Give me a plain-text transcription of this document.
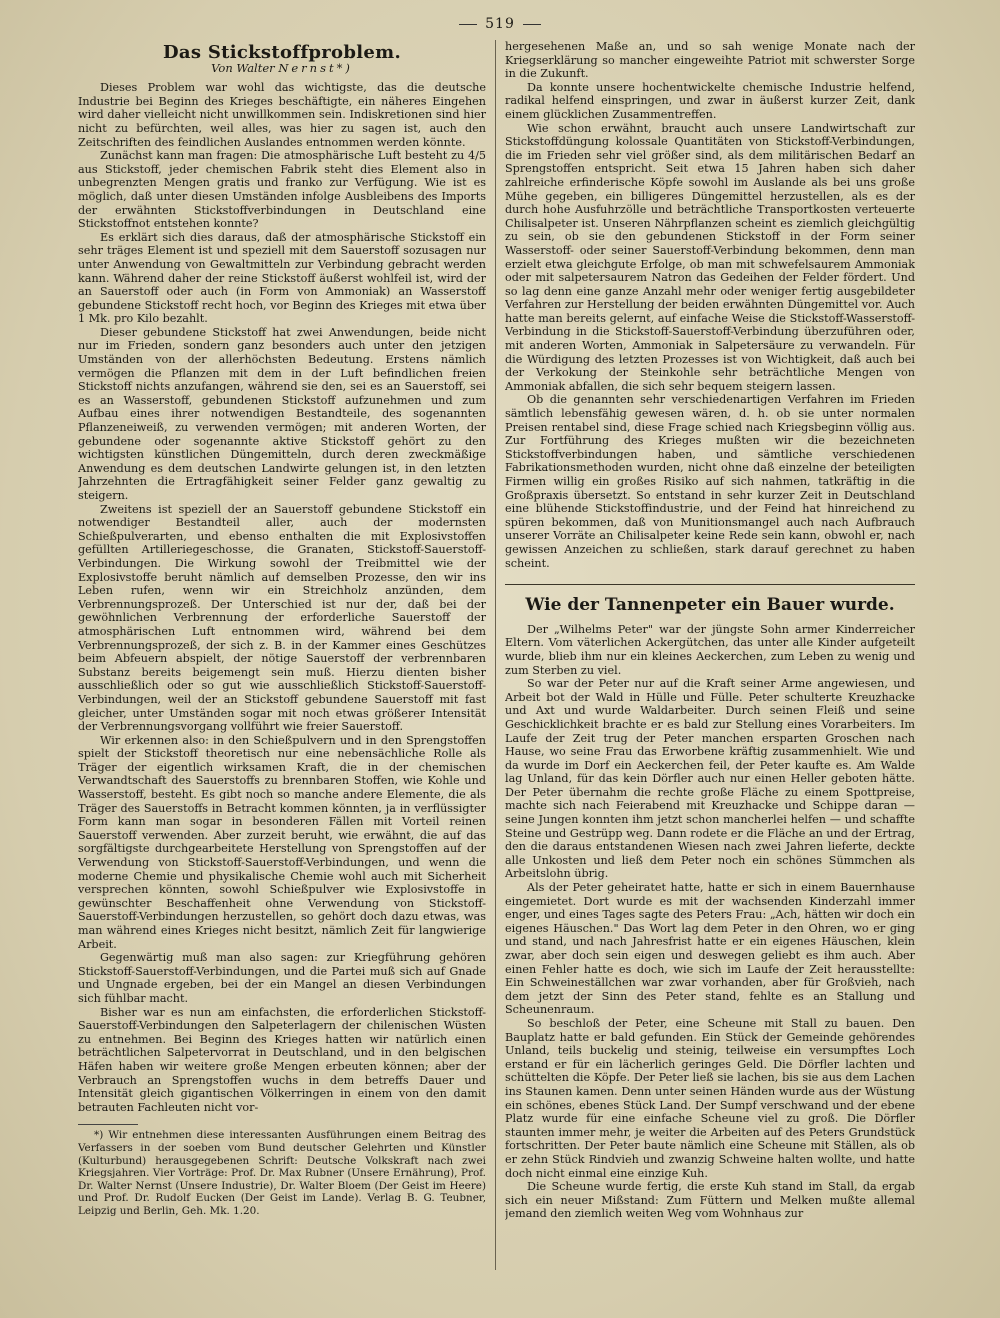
519
Das Stickstoffproblem.
Von Walter Nernst*)

Dieses Problem war wohl das wichtigste, das die deutsche Industrie bei Beginn des Krieges beschäftigte, ein näheres Eingehen wird daher vielleicht nicht unwillkommen sein. Indiskretionen sind hier nicht zu befürchten, weil alles, was hier zu sagen ist, auch den Zeitschriften des feindlichen Auslandes entnommen werden könnte.

Zunächst kann man fragen: Die atmosphärische Luft besteht zu 4/5 aus Stickstoff, jeder chemischen Fabrik steht dies Element also in unbegrenzten Mengen gratis und franko zur Verfügung. Wie ist es möglich, daß unter diesen Umständen infolge Ausbleibens des Imports der erwähnten Stickstoffverbindungen in Deutschland eine Stickstoffnot entstehen konnte?

Es erklärt sich dies daraus, daß der atmosphärische Stickstoff ein sehr träges Element ist und speziell mit dem Sauerstoff sozusagen nur unter Anwendung von Gewaltmitteln zur Verbindung gebracht werden kann. Während daher der reine Stickstoff äußerst wohlfeil ist, wird der an Sauerstoff oder auch (in Form von Ammoniak) an Wasserstoff gebundene Stickstoff recht hoch, vor Beginn des Krieges mit etwa über 1 Mk. pro Kilo bezahlt.

Dieser gebundene Stickstoff hat zwei Anwendungen, beide nicht nur im Frieden, sondern ganz besonders auch unter den jetzigen Umständen von der allerhöchsten Bedeutung. Erstens nämlich vermögen die Pflanzen mit dem in der Luft befindlichen freien Stickstoff nichts anzufangen, während sie den, sei es an Sauerstoff, sei es an Wasserstoff, gebundenen Stickstoff aufzunehmen und zum Aufbau eines ihrer notwendigen Bestandteile, des sogenannten Pflanzeneiweiß, zu verwenden vermögen; mit anderen Worten, der gebundene oder sogenannte aktive Stickstoff gehört zu den wichtigsten künstlichen Düngemitteln, durch deren zweckmäßige Anwendung es dem deutschen Landwirte gelungen ist, in den letzten Jahrzehnten die Ertragfähigkeit seiner Felder ganz gewaltig zu steigern.

Zweitens ist speziell der an Sauerstoff gebundene Stickstoff ein notwendiger Bestandteil aller, auch der modernsten Schießpulverarten, und ebenso enthalten die mit Explosivstoffen gefüllten Artilleriegeschosse, die Granaten, Stickstoff-Sauerstoff-Verbindungen. Die Wirkung sowohl der Treibmittel wie der Explosivstoffe beruht nämlich auf demselben Prozesse, den wir ins Leben rufen, wenn wir ein Streichholz anzünden, dem Verbrennungsprozeß. Der Unterschied ist nur der, daß bei der gewöhnlichen Verbrennung der erforderliche Sauerstoff der atmosphärischen Luft entnommen wird, während bei dem Verbrennungsprozeß, der sich z. B. in der Kammer eines Geschützes beim Abfeuern abspielt, der nötige Sauerstoff der verbrennbaren Substanz bereits beigemengt sein muß. Hierzu dienten bisher ausschließlich oder so gut wie ausschließlich Stickstoff-Sauerstoff-Verbindungen, weil der an Stickstoff gebundene Sauerstoff mit fast gleicher, unter Umständen sogar mit noch etwas größerer Intensität der Verbrennungsvorgang vollführt wie freier Sauerstoff.

Wir erkennen also: in den Schießpulvern und in den Sprengstoffen spielt der Stickstoff theoretisch nur eine nebensächliche Rolle als Träger der eigentlich wirksamen Kraft, die in der chemischen Verwandtschaft des Sauerstoffs zu brennbaren Stoffen, wie Kohle und Wasserstoff, besteht. Es gibt noch so manche andere Elemente, die als Träger des Sauerstoffs in Betracht kommen könnten, ja in verflüssigter Form kann man sogar in besonderen Fällen mit Vorteil reinen Sauerstoff verwenden. Aber zurzeit beruht, wie erwähnt, die auf das sorgfältigste durchgearbeitete Herstellung von Sprengstoffen auf der Verwendung von Stickstoff-Sauerstoff-Verbindungen, und wenn die moderne Chemie und physikalische Chemie wohl auch mit Sicherheit versprechen könnten, sowohl Schießpulver wie Explosivstoffe in gewünschter Beschaffenheit ohne Verwendung von Stickstoff-Sauerstoff-Verbindungen herzustellen, so gehört doch dazu etwas, was man während eines Krieges nicht besitzt, nämlich Zeit für langwierige Arbeit.

Gegenwärtig muß man also sagen: zur Kriegführung gehören Stickstoff-Sauerstoff-Verbindungen, und die Partei muß sich auf Gnade und Ungnade ergeben, bei der ein Mangel an diesen Verbindungen sich fühlbar macht.

Bisher war es nun am einfachsten, die erforderlichen Stickstoff-Sauerstoff-Verbindungen den Salpeterlagern der chilenischen Wüsten zu entnehmen. Bei Beginn des Krieges hatten wir natürlich einen beträchtlichen Salpetervorrat in Deutschland, und in den belgischen Häfen haben wir weitere große Mengen erbeuten können; aber der Verbrauch an Sprengstoffen wuchs in dem betreffs Dauer und Intensität gleich gigantischen Völkerringen in einem von den damit betrauten Fachleuten nicht vor-

*) Wir entnehmen diese interessanten Ausführungen einem Beitrag des Verfassers in der soeben vom Bund deutscher Gelehrten und Künstler (Kulturbund) herausgegebenen Schrift: Deutsche Volkskraft nach zwei Kriegsjahren. Vier Vorträge: Prof. Dr. Max Rubner (Unsere Ernährung), Prof. Dr. Walter Nernst (Unsere Industrie), Dr. Walter Bloem (Der Geist im Heere) und Prof. Dr. Rudolf Eucken (Der Geist im Lande). Verlag B. G. Teubner, Leipzig und Berlin, Geh. Mk. 1.20.

hergesehenen Maße an, und so sah wenige Monate nach der Kriegserklärung so mancher eingeweihte Patriot mit schwerster Sorge in die Zukunft.

Da konnte unsere hochentwickelte chemische Industrie helfend, radikal helfend einspringen, und zwar in äußerst kurzer Zeit, dank einem glücklichen Zusammentreffen.

Wie schon erwähnt, braucht auch unsere Landwirtschaft zur Stickstoffdüngung kolossale Quantitäten von Stickstoff-Verbindungen, die im Frieden sehr viel größer sind, als dem militärischen Bedarf an Sprengstoffen entspricht. Seit etwa 15 Jahren haben sich daher zahlreiche erfinderische Köpfe sowohl im Auslande als bei uns große Mühe gegeben, ein billigeres Düngemittel herzustellen, als es der durch hohe Ausfuhrzölle und beträchtliche Transportkosten verteuerte Chilisalpeter ist. Unseren Nährpflanzen scheint es ziemlich gleichgültig zu sein, ob sie den gebundenen Stickstoff in der Form seiner Wasserstoff- oder seiner Sauerstoff-Verbindung bekommen, denn man erzielt etwa gleichgute Erfolge, ob man mit schwefelsaurem Ammoniak oder mit salpetersaurem Natron das Gedeihen der Felder fördert. Und so lag denn eine ganze Anzahl mehr oder weniger fertig ausgebildeter Verfahren zur Herstellung der beiden erwähnten Düngemittel vor. Auch hatte man bereits gelernt, auf einfache Weise die Stickstoff-Wasserstoff-Verbindung in die Stickstoff-Sauerstoff-Verbindung überzuführen oder, mit anderen Worten, Ammoniak in Salpetersäure zu verwandeln. Für die Würdigung des letzten Prozesses ist von Wichtigkeit, daß auch bei der Verkokung der Steinkohle sehr beträchtliche Mengen von Ammoniak abfallen, die sich sehr bequem steigern lassen.

Ob die genannten sehr verschiedenartigen Verfahren im Frieden sämtlich lebensfähig gewesen wären, d. h. ob sie unter normalen Preisen rentabel sind, diese Frage schied nach Kriegsbeginn völlig aus. Zur Fortführung des Krieges mußten wir die bezeichneten Stickstoffverbindungen haben, und sämtliche verschiedenen Fabrikationsmethoden wurden, nicht ohne daß einzelne der beteiligten Firmen willig ein großes Risiko auf sich nahmen, tatkräftig in die Großpraxis übersetzt. So entstand in sehr kurzer Zeit in Deutschland eine blühende Stickstoffindustrie, und der Feind hat hinreichend zu spüren bekommen, daß von Munitionsmangel auch nach Aufbrauch unserer Vorräte an Chilisalpeter keine Rede sein kann, obwohl er, nach gewissen Anzeichen zu schließen, stark darauf gerechnet zu haben scheint.

Wie der Tannenpeter ein Bauer wurde.

Der „Wilhelms Peter" war der jüngste Sohn armer Kinderreicher Eltern. Vom väterlichen Ackergütchen, das unter alle Kinder aufgeteilt wurde, blieb ihm nur ein kleines Aeckerchen, zum Leben zu wenig und zum Sterben zu viel.

So war der Peter nur auf die Kraft seiner Arme angewiesen, und Arbeit bot der Wald in Hülle und Fülle. Peter schulterte Kreuzhacke und Axt und wurde Waldarbeiter. Durch seinen Fleiß und seine Geschicklichkeit brachte er es bald zur Stellung eines Vorarbeiters. Im Laufe der Zeit trug der Peter manchen ersparten Groschen nach Hause, wo seine Frau das Erworbene kräftig zusammenhielt. Wie und da wurde im Dorf ein Aeckerchen feil, der Peter kaufte es. Am Walde lag Unland, für das kein Dörfler auch nur einen Heller geboten hätte. Der Peter übernahm die rechte große Fläche zu einem Spottpreise, machte sich nach Feierabend mit Kreuzhacke und Schippe daran — seine Jungen konnten ihm jetzt schon mancherlei helfen — und schaffte Steine und Gestrüpp weg. Dann rodete er die Fläche an und der Ertrag, den die daraus entstandenen Wiesen nach zwei Jahren lieferte, deckte alle Unkosten und ließ dem Peter noch ein schönes Sümmchen als Arbeitslohn übrig.

Als der Peter geheiratet hatte, hatte er sich in einem Bauernhause eingemietet. Dort wurde es mit der wachsenden Kinderzahl immer enger, und eines Tages sagte des Peters Frau: „Ach, hätten wir doch ein eigenes Häuschen." Das Wort lag dem Peter in den Ohren, wo er ging und stand, und nach Jahresfrist hatte er ein eigenes Häuschen, klein zwar, aber doch sein eigen und deswegen geliebt es ihm auch. Aber einen Fehler hatte es doch, wie sich im Laufe der Zeit herausstellte: Ein Schweineställchen war zwar vorhanden, aber für Großvieh, nach dem jetzt der Sinn des Peter stand, fehlte es an Stallung und Scheunenraum.

So beschloß der Peter, eine Scheune mit Stall zu bauen. Den Bauplatz hatte er bald gefunden. Ein Stück der Gemeinde gehörendes Unland, teils buckelig und steinig, teilweise ein versumpftes Loch erstand er für ein lächerlich geringes Geld. Die Dörfler lachten und schüttelten die Köpfe. Der Peter ließ sie lachen, bis sie aus dem Lachen ins Staunen kamen. Denn unter seinen Händen wurde aus der Wüstung ein schönes, ebenes Stück Land. Der Sumpf verschwand und der ebene Platz wurde für eine einfache Scheune viel zu groß. Die Dörfler staunten immer mehr, je weiter die Arbeiten auf des Peters Grundstück fortschritten. Der Peter baute nämlich eine Scheune mit Ställen, als ob er zehn Stück Rindvieh und zwanzig Schweine halten wollte, und hatte doch nicht einmal eine einzige Kuh.

Die Scheune wurde fertig, die erste Kuh stand im Stall, da ergab sich ein neuer Mißstand: Zum Füttern und Melken mußte allemal jemand den ziemlich weiten Weg vom Wohnhaus zur
